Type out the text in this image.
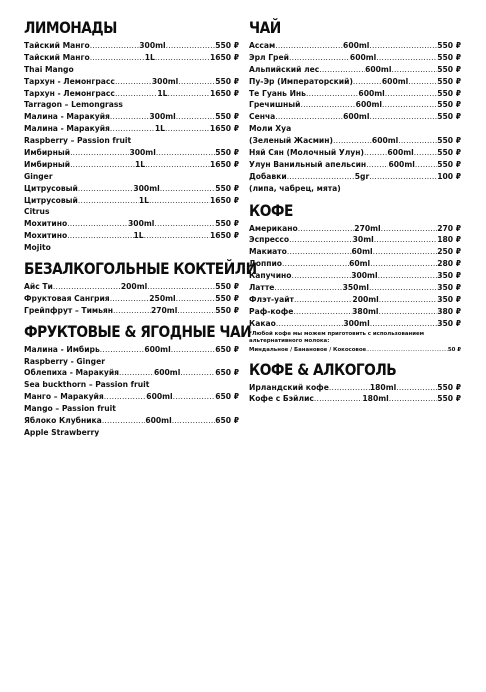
ЛИМОНАДЫ
Тайский Манго .....	300ml .....	550 ₽
Тайский Манго .....	1L .....	1650 ₽
Thai Mango
Тархун - Лемонграсс .....	300ml .....	550 ₽
Тархун - Лемонграсс .....	1L .....	1650 ₽
Tarragon – Lemongrass
Малина - Маракуйя .....	300ml .....	550 ₽
Малина - Маракуйя .....	1L .....	1650 ₽
Raspberry – Passion fruit
Имбирный .....	300ml .....	550 ₽
Имбирный .....	1L .....	1650 ₽
Ginger
Цитрусовый .....	300ml .....	550 ₽
Цитрусовый .....	1L .....	1650 ₽
Citrus
Мохитино .....	300ml .....	550 ₽
Мохитино .....	1L .....	1650 ₽
Mojito
БЕЗАЛКОГОЛЬНЫЕ КОКТЕЙЛИ
Айс Ти .....	200ml .....	550 ₽
Фруктовая Сангрия .....	250ml .....	550 ₽
Грейпфрут – Тимьян .....	270ml .....	550 ₽
ФРУКТОВЫЕ & ЯГОДНЫЕ ЧАИ
Малина - Имбирь .....	600ml .....	650 ₽
Raspberry - Ginger
Облепиха - Маракуйя .....	600ml .....	650 ₽
Sea buckthorn – Passion fruit
Манго – Маракуйя .....	600ml .....	650 ₽
Mango – Passion fruit
Яблоко Клубника .....	600ml .....	650 ₽
Apple Strawberry
ЧАЙ
Ассам .....	600ml .....	550 ₽
Эрл Грей .....	600ml .....	550 ₽
Альпийский лес .....	600ml .....	550 ₽
Пу-Эр (Императорский) .....	600ml .....	550 ₽
Те Гуань Инь .....	600ml .....	550 ₽
Гречишный .....	600ml .....	550 ₽
Сенча .....	600ml .....	550 ₽
Моли Хуа
(Зеленый Жасмин) .....	600ml .....	550 ₽
Няй Сян (Молочный Улун) .....	600ml .....	550 ₽
Улун Ванильный апельсин .....	600ml .....	550 ₽
Добавки .....	5gr .....	100 ₽
(липа, чабрец, мята)
КОФЕ
Американо .....	270ml .....	270 ₽
Эспрессо .....	30ml .....	180 ₽
Макиато .....	60ml .....	250 ₽
Доппио .....	60ml .....	280 ₽
Капучино .....	300ml .....	350 ₽
Латте .....	350ml .....	350 ₽
Флэт-уайт .....	200ml .....	350 ₽
Раф-кофе .....	380ml .....	380 ₽
Какао .....	300ml .....	350 ₽
*Любой кофе мы можем приготовить с использованием альтернативного молока:
Миндальное / Банановое / Кокосовое .....	50 ₽
КОФЕ & АЛКОГОЛЬ
Ирландский кофе .....	180ml .....	550 ₽
Кофе с Бэйлис .....	180ml .....	550 ₽
